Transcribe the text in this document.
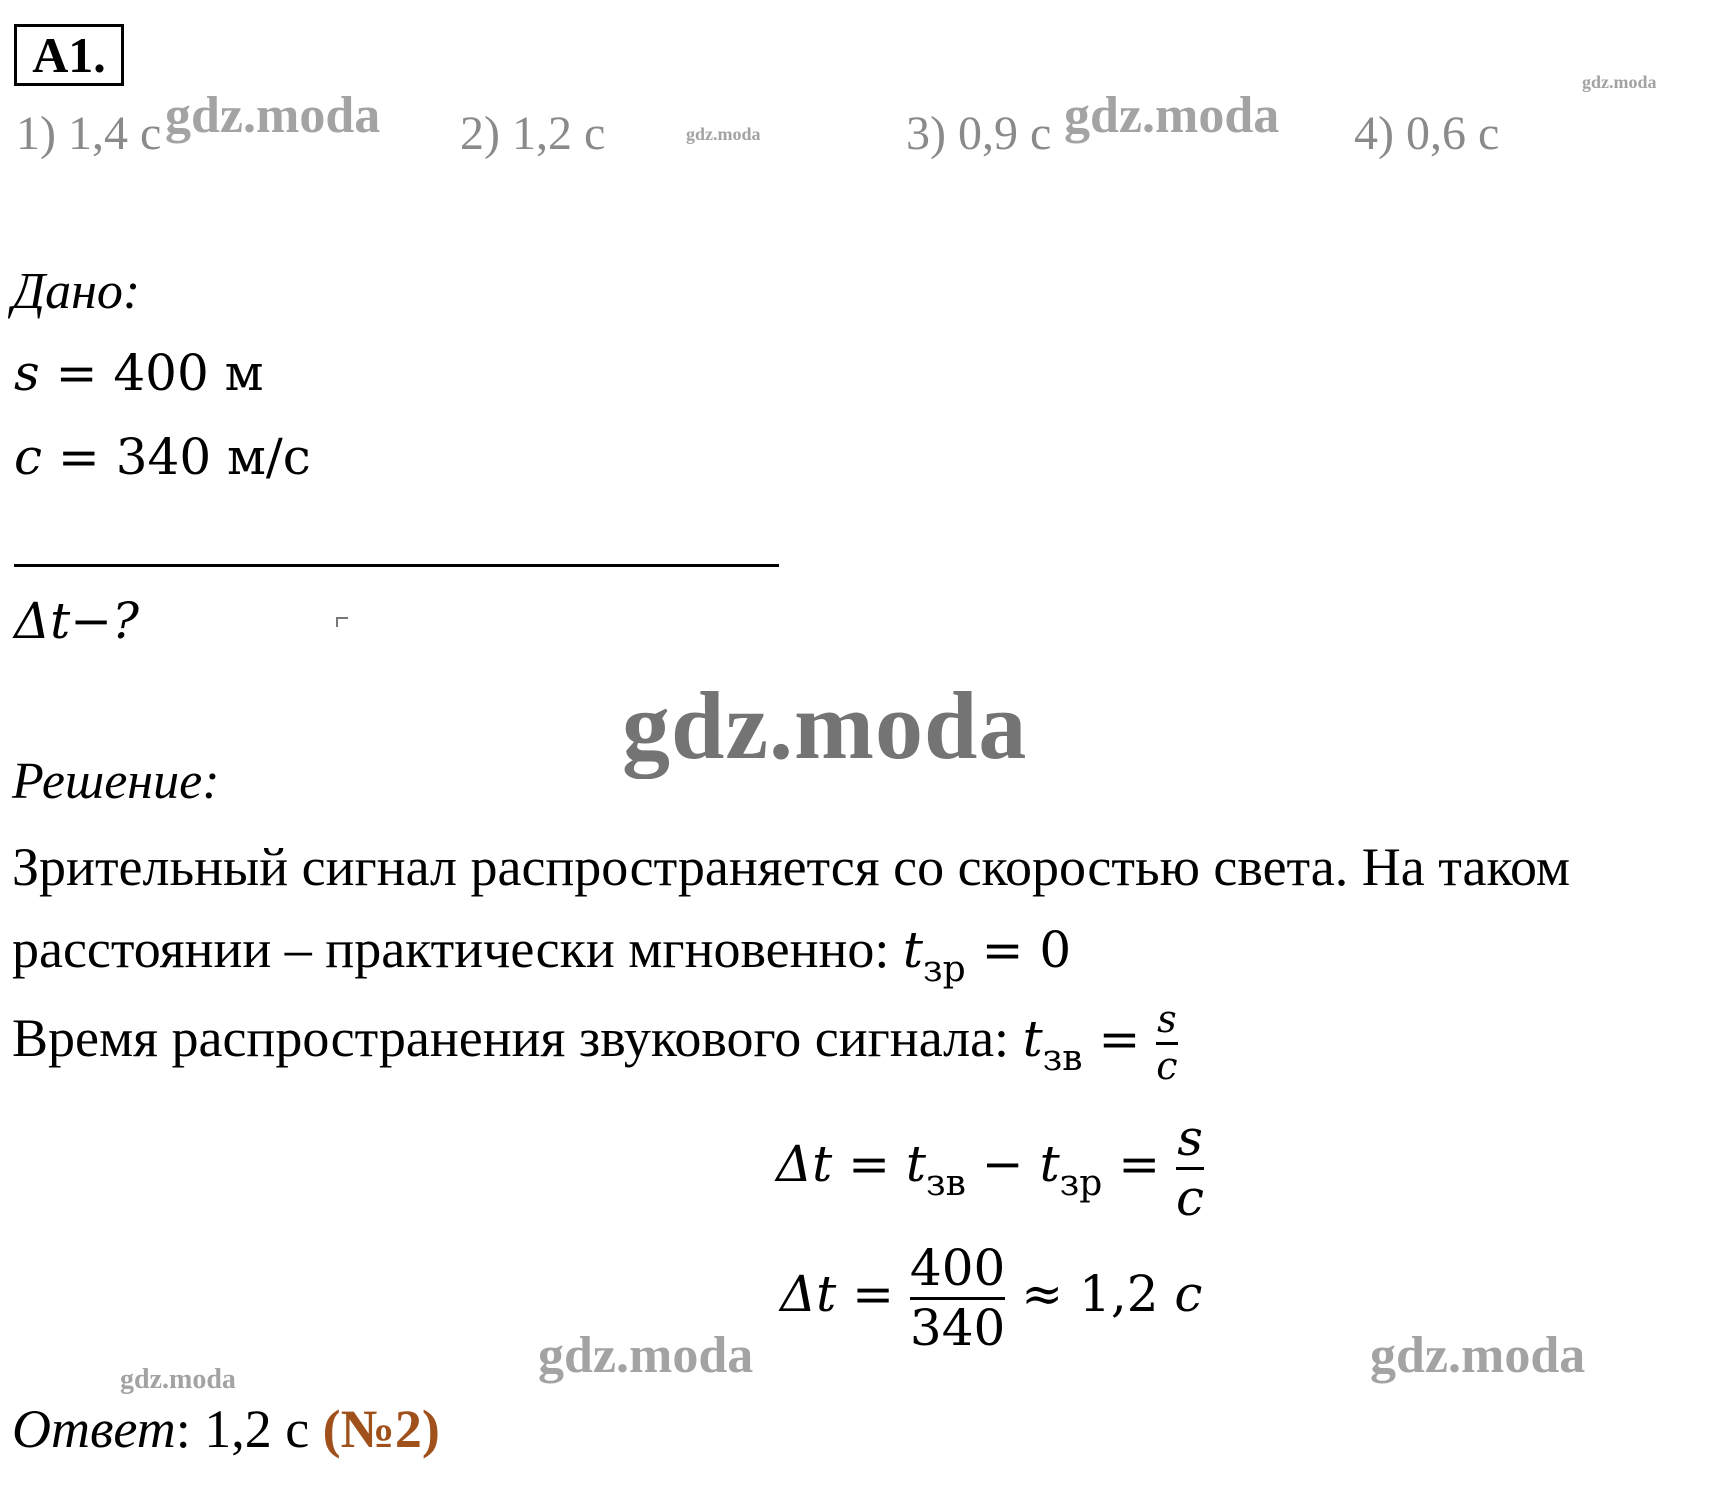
A1.
1) 1,4 с	2) 1,2 с	3) 0,9 с	4) 0,6 с
gdz.moda	gdz.moda	gdz.moda
gdz.moda
gdz.moda
gdz.moda
gdz.moda	gdz.moda
Дано:
s = 400 м
c = 340 м/с
Δt−?
Решение:
Зрительный сигнал распространяется со скоростью света. На таком
расстоянии – практически мгновенно: $t_{зр} = 0$
Время распространения звукового сигнала: $t_{зв} = \frac{s}{c}$
$\Delta t = t_{зв} - t_{зр} = \frac{s}{c}$
$\Delta t = \frac{400}{340} \approx 1,2$ c
Ответ: 1,2 с (№2)
